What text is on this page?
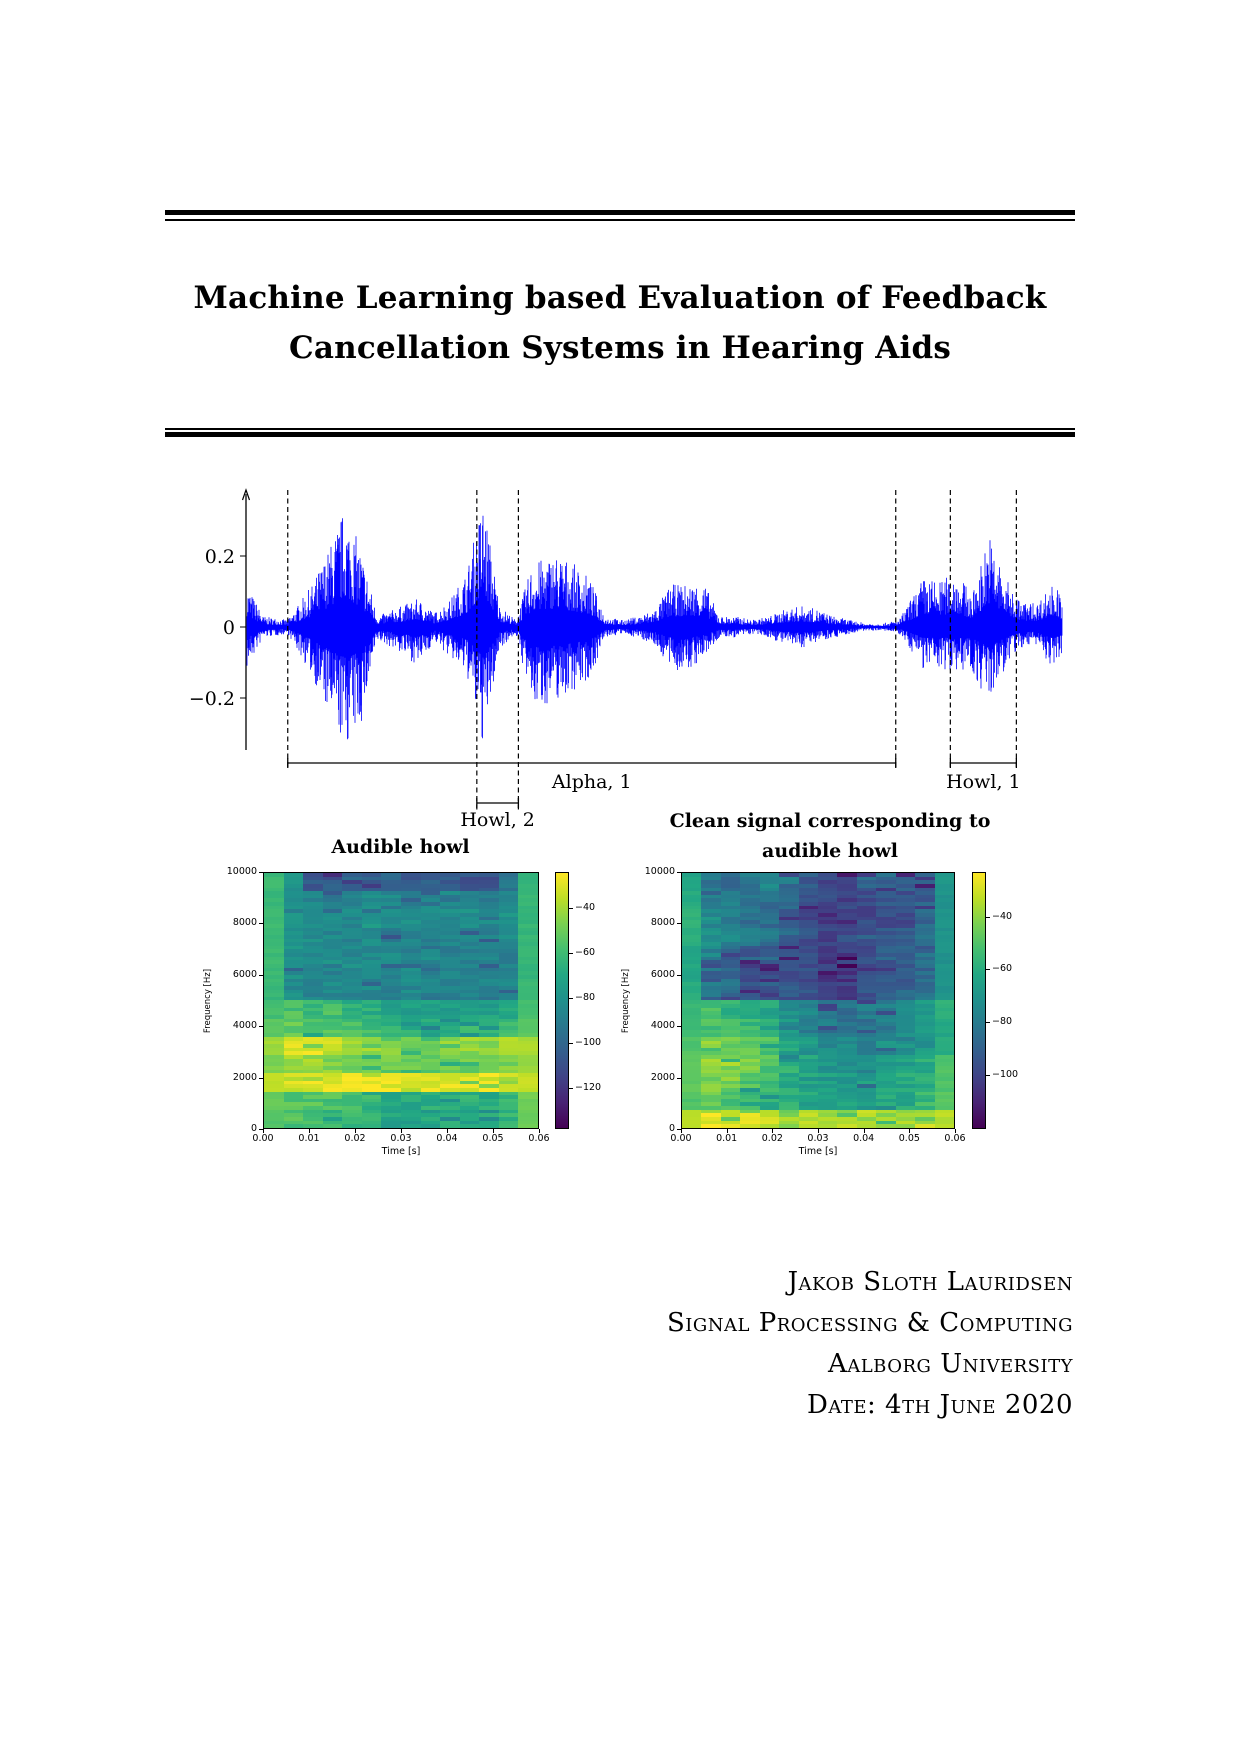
Machine Learning based Evaluation of Feedback
Cancellation Systems in Hearing Aids
0.2
0
−0.2
Alpha, 1
Howl, 2
Howl, 1
Audible howl
0
2000
4000
6000
8000
10000
0.00	0.01	0.02	0.03	0.04	0.05	0.06
Time [s]
Frequency [Hz]
−40
−60
−80
−100
−120
Clean signal corresponding to audible howl
0
2000
4000
6000
8000
10000
0.00	0.01	0.02	0.03	0.04	0.05	0.06
Time [s]
Frequency [Hz]
−40
−60
−80
−100
Jakob Sloth Lauridsen
Signal Processing & Computing
Aalborg University
Date: 4th June 2020
